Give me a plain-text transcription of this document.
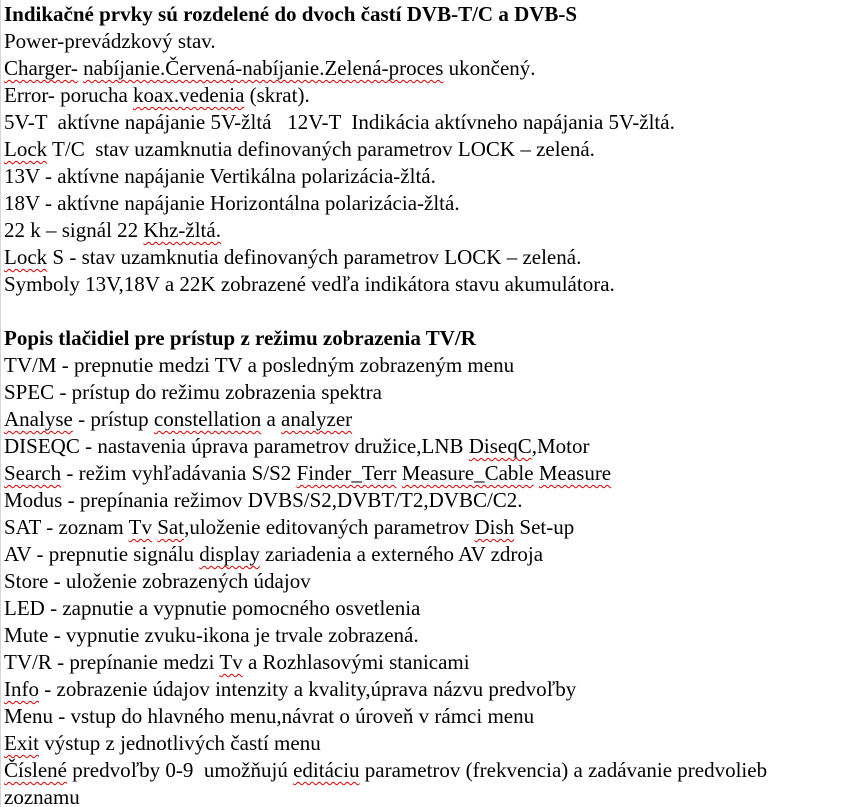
Indikačné prvky sú rozdelené do dvoch častí DVB-T/C a DVB-S
Power-prevádzkový stav.
Charger- nabíjanie.Červená-nabíjanie.Zelená-proces ukončený.
Error- porucha koax.vedenia (skrat).
5V-T  aktívne napájanie 5V-žltá   12V-T  Indikácia aktívneho napájania 5V-žltá.
Lock T/C  stav uzamknutia definovaných parametrov LOCK – zelená.
13V - aktívne napájanie Vertikálna polarizácia-žltá.
18V - aktívne napájanie Horizontálna polarizácia-žltá.
22 k – signál 22 Khz-žltá.
Lock S - stav uzamknutia definovaných parametrov LOCK – zelená.
Symboly 13V,18V a 22K zobrazené vedľa indikátora stavu akumulátora.

Popis tlačidiel pre prístup z režimu zobrazenia TV/R
TV/M - prepnutie medzi TV a posledným zobrazeným menu
SPEC - prístup do režimu zobrazenia spektra
Analyse - prístup constellation a analyzer
DISEQC - nastavenia úprava parametrov družice,LNB DiseqC,Motor
Search - režim vyhľadávania S/S2 Finder_Terr Measure_Cable Measure
Modus - prepínania režimov DVBS/S2,DVBT/T2,DVBC/C2.
SAT - zoznam Tv Sat,uloženie editovaných parametrov Dish Set-up
AV - prepnutie signálu display zariadenia a externého AV zdroja
Store - uloženie zobrazených údajov
LED - zapnutie a vypnutie pomocného osvetlenia
Mute - vypnutie zvuku-ikona je trvale zobrazená.
TV/R - prepínanie medzi Tv a Rozhlasovými stanicami
Info - zobrazenie údajov intenzity a kvality,úprava názvu predvoľby
Menu - vstup do hlavného menu,návrat o úroveň v rámci menu
Exit výstup z jednotlivých častí menu
Číslené predvoľby 0-9  umožňujú editáciu parametrov (frekvencia) a zadávanie predvolieb
zoznamu
